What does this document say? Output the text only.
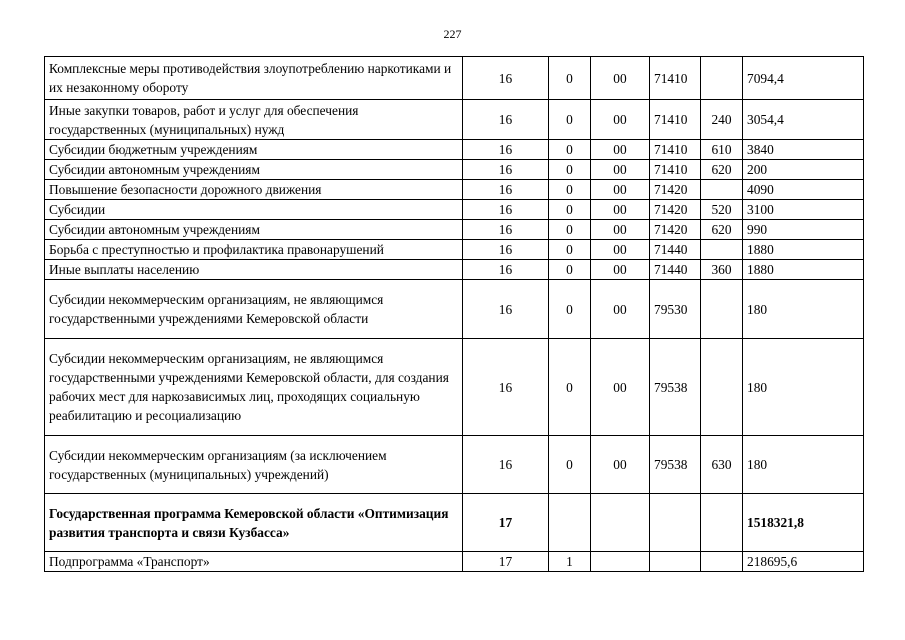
227
Комплексные меры противодействия злоупотреблению наркотиками и их незаконному обороту	16	0	00	71410		7094,4
Иные закупки товаров, работ и услуг для обеспечения государственных (муниципальных) нужд	16	0	00	71410	240	3054,4
Субсидии бюджетным учреждениям	16	0	00	71410	610	3840
Субсидии автономным учреждениям	16	0	00	71410	620	200
Повышение безопасности дорожного движения	16	0	00	71420		4090
Субсидии	16	0	00	71420	520	3100
Субсидии автономным учреждениям	16	0	00	71420	620	990
Борьба с преступностью и профилактика правонарушений	16	0	00	71440		1880
Иные выплаты населению	16	0	00	71440	360	1880
Субсидии некоммерческим организациям, не являющимся государственными учреждениями Кемеровской области	16	0	00	79530		180
Субсидии некоммерческим организациям, не являющимся государственными учреждениями Кемеровской области, для создания рабочих мест для наркозависимых лиц, проходящих социальную реабилитацию и ресоциализацию	16	0	00	79538		180
Субсидии некоммерческим организациям (за исключением государственных (муниципальных) учреждений)	16	0	00	79538	630	180
Государственная программа Кемеровской области «Оптимизация развития транспорта и связи Кузбасса»	17					1518321,8
Подпрограмма «Транспорт»	17	1				218695,6
